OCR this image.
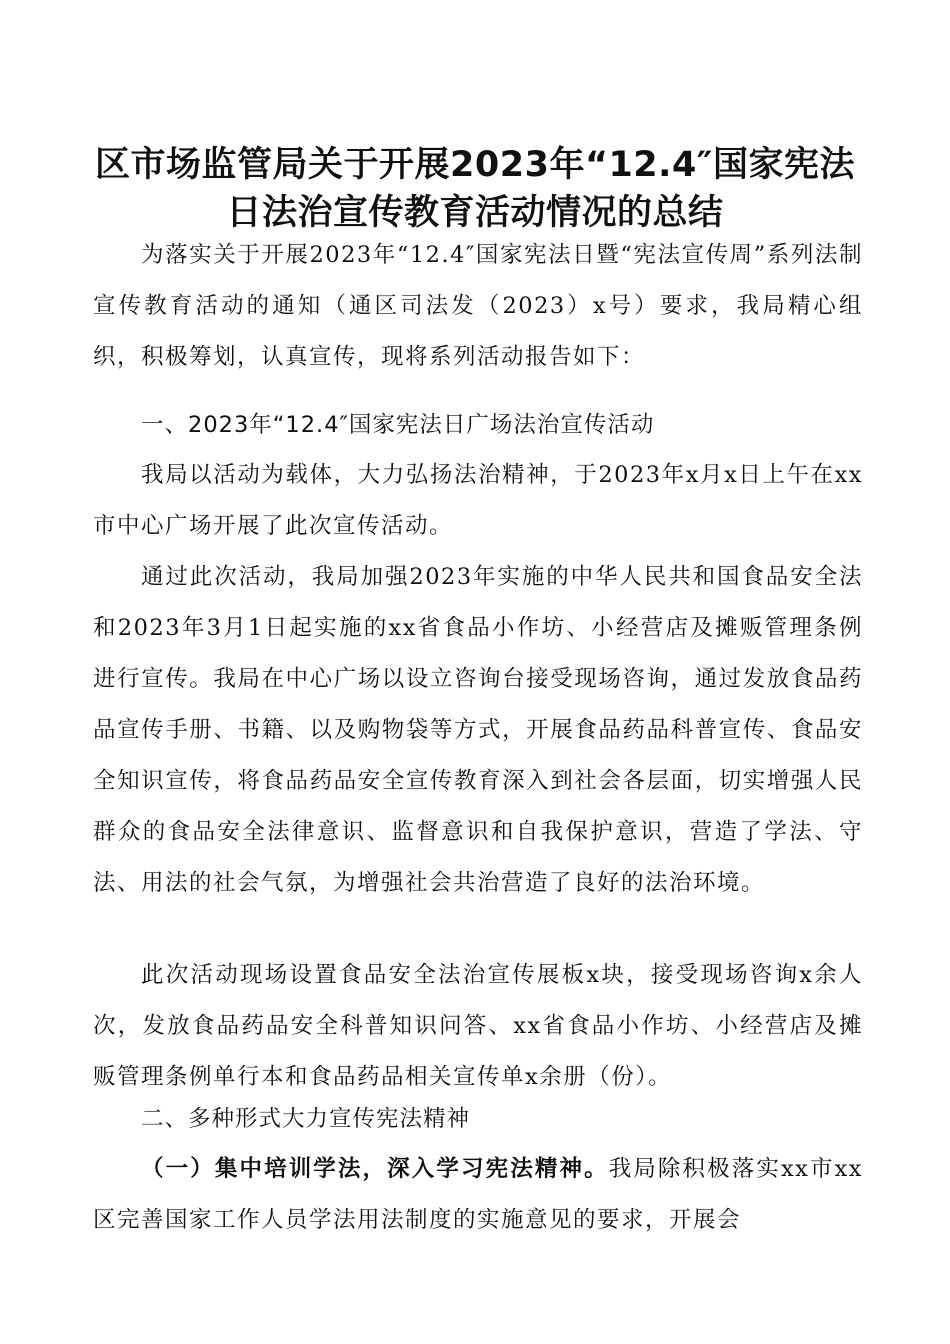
区市场监管局关于开展2023年“12.4″国家宪法
日法治宣传教育活动情况的总结

为落实关于开展2023年“12.4″国家宪法日暨“宪法宣传周”系列法制宣传教育活动的通知（通区司法发（2023）x号）要求，我局精心组织，积极筹划，认真宣传，现将系列活动报告如下：

一、2023年“12.4″国家宪法日广场法治宣传活动

我局以活动为载体，大力弘扬法治精神，于2023年x月x日上午在xx市中心广场开展了此次宣传活动。

通过此次活动，我局加强2023年实施的中华人民共和国食品安全法和2023年3月1日起实施的xx省食品小作坊、小经营店及摊贩管理条例进行宣传。我局在中心广场以设立咨询台接受现场咨询，通过发放食品药品宣传手册、书籍、以及购物袋等方式，开展食品药品科普宣传、食品安全知识宣传，将食品药品安全宣传教育深入到社会各层面，切实增强人民群众的食品安全法律意识、监督意识和自我保护意识，营造了学法、守法、用法的社会气氛，为增强社会共治营造了良好的法治环境。

此次活动现场设置食品安全法治宣传展板x块，接受现场咨询x余人次，发放食品药品安全科普知识问答、xx省食品小作坊、小经营店及摊贩管理条例单行本和食品药品相关宣传单x余册（份）。

二、多种形式大力宣传宪法精神

（一）集中培训学法，深入学习宪法精神。我局除积极落实xx市xx区完善国家工作人员学法用法制度的实施意见的要求，开展会
